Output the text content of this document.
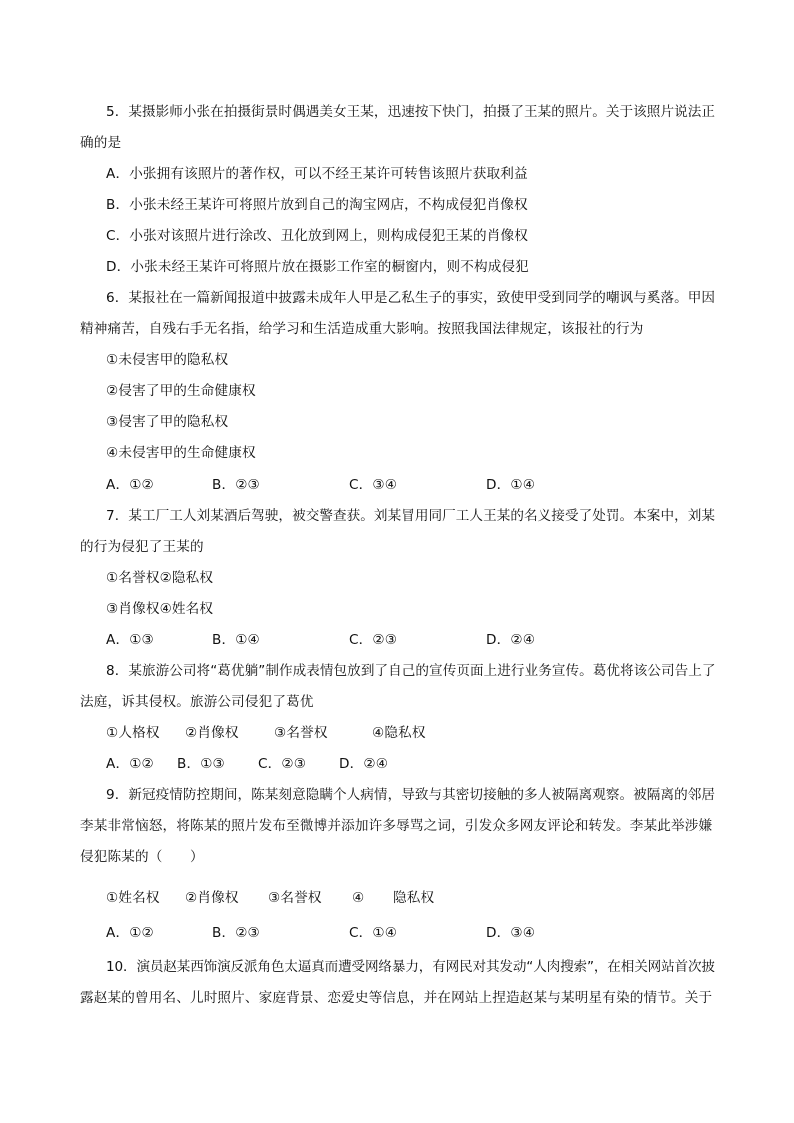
5．某摄影师小张在拍摄街景时偶遇美女王某，迅速按下快门，拍摄了王某的照片。关于该照片说法正
确的是
A．小张拥有该照片的著作权，可以不经王某许可转售该照片获取利益
B．小张未经王某许可将照片放到自己的淘宝网店，不构成侵犯肖像权
C．小张对该照片进行涂改、丑化放到网上，则构成侵犯王某的肖像权
D．小张未经王某许可将照片放在摄影工作室的橱窗内，则不构成侵犯
6．某报社在一篇新闻报道中披露未成年人甲是乙私生子的事实，致使甲受到同学的嘲讽与奚落。甲因
精神痛苦，自残右手无名指，给学习和生活造成重大影响。按照我国法律规定，该报社的行为
①未侵害甲的隐私权
②侵害了甲的生命健康权
③侵害了甲的隐私权
④未侵害甲的生命健康权
A．①②	B．②③	C．③④	D．①④
7．某工厂工人刘某酒后驾驶，被交警查获。刘某冒用同厂工人王某的名义接受了处罚。本案中，刘某
的行为侵犯了王某的
①名誉权②隐私权
③肖像权④姓名权
A．①③	B．①④	C．②③	D．②④
8．某旅游公司将“葛优躺”制作成表情包放到了自己的宣传页面上进行业务宣传。葛优将该公司告上了
法庭，诉其侵权。旅游公司侵犯了葛优
①人格权 ②肖像权	③名誉权	④隐私权
A．①② B．①③ C．②③ D．②④
9．新冠疫情防控期间，陈某刻意隐瞒个人病情，导致与其密切接触的多人被隔离观察。被隔离的邻居
李某非常恼怒，将陈某的照片发布至微博并添加许多辱骂之词，引发众多网友评论和转发。李某此举涉嫌
侵犯陈某的（　　）
①姓名权 ②肖像权 ③名誉权 ④ 隐私权
A．①②	B．②③	C．①④	D．③④
10．演员赵某西饰演反派角色太逼真而遭受网络暴力，有网民对其发动“人肉搜索”，在相关网站首次披
露赵某的曾用名、儿时照片、家庭背景、恋爱史等信息，并在网站上捏造赵某与某明星有染的情节。关于
